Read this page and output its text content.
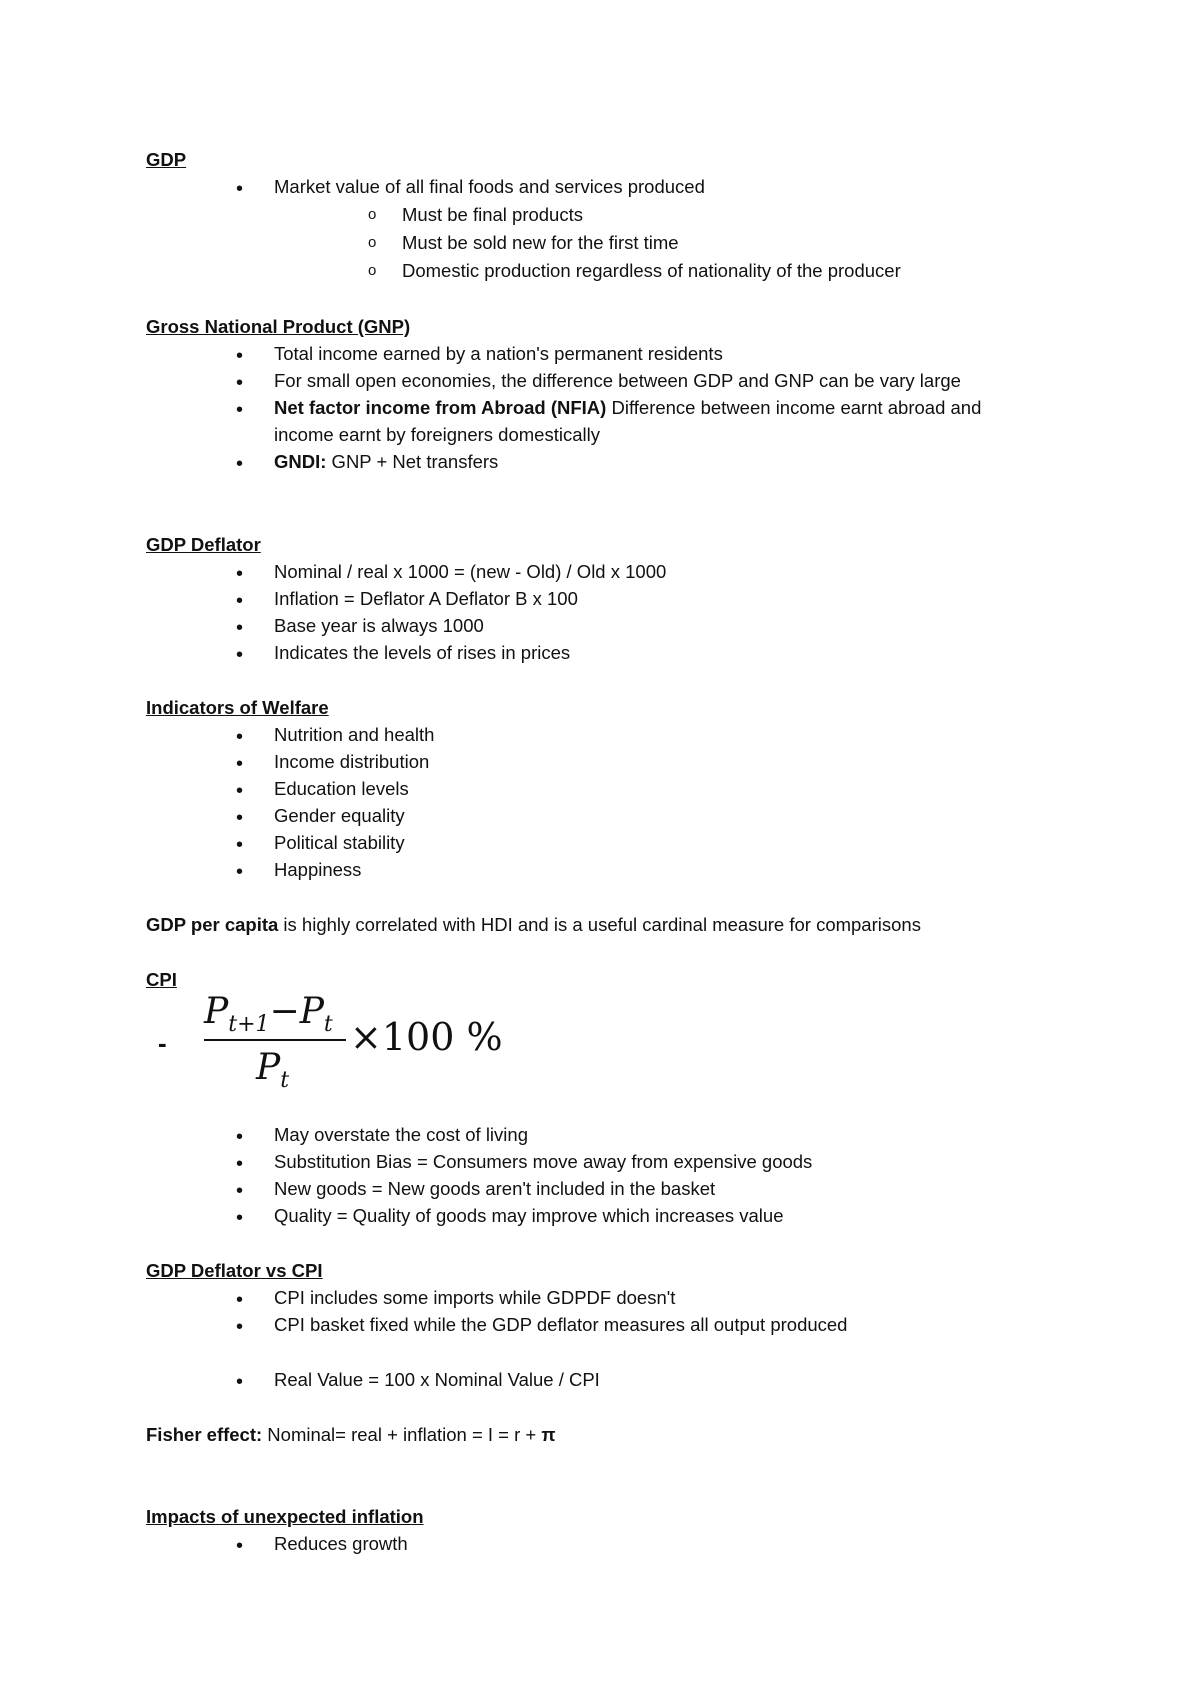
GDP
• Market value of all final foods and services produced
o Must be final products
o Must be sold new for the first time
o Domestic production regardless of nationality of the producer
Gross National Product (GNP)
• Total income earned by a nation's permanent residents
• For small open economies, the difference between GDP and GNP can be vary large
• Net factor income from Abroad (NFIA) Difference between income earnt abroad and
income earnt by foreigners domestically
• GNDI: GNP + Net transfers
GDP Deflator
• Nominal / real x 1000 = (new - Old) / Old x 1000
• Inflation = Deflator A Deflator B x 100
• Base year is always 1000
• Indicates the levels of rises in prices
Indicators of Welfare
• Nutrition and health
• Income distribution
• Education levels
• Gender equality
• Political stability
• Happiness
GDP per capita is highly correlated with HDI and is a useful cardinal measure for comparisons
CPI
-
$P_{t+1}-P_t$
$P_t$
×100 %
• May overstate the cost of living
• Substitution Bias = Consumers move away from expensive goods
• New goods = New goods aren't included in the basket
• Quality = Quality of goods may improve which increases value
GDP Deflator vs CPI
• CPI includes some imports while GDPDF doesn't
• CPI basket fixed while the GDP deflator measures all output produced
• Real Value = 100 x Nominal Value / CPI
Fisher effect: Nominal= real + inflation = I = r + π
Impacts of unexpected inflation
• Reduces growth
